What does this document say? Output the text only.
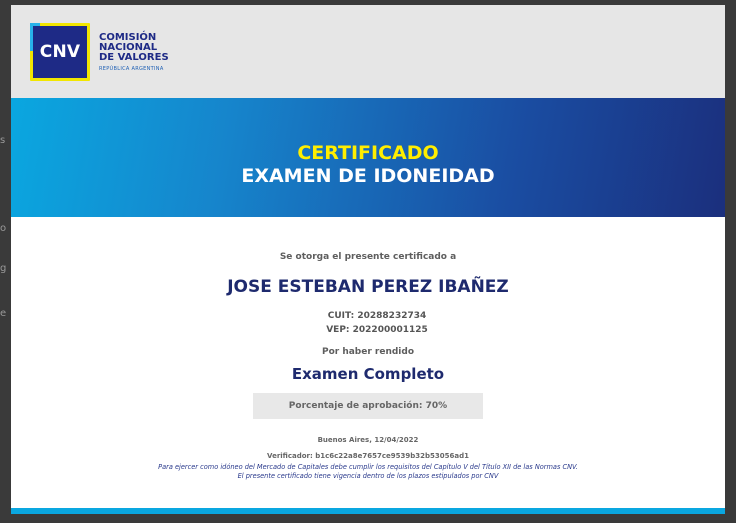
s
o
g
e
CNV
COMISIÓN
NACIONAL
DE VALORES
REPÚBLICA ARGENTINA
CERTIFICADO
EXAMEN DE IDONEIDAD
Se otorga el presente certificado a
JOSE ESTEBAN PEREZ IBAÑEZ
CUIT: 20288232734
VEP: 202200001125
Por haber rendido
Examen Completo
Porcentaje de aprobación: 70%
Buenos Aires, 12/04/2022
Verificador: b1c6c22a8e7657ce9539b32b53056ad1
Para ejercer como idóneo del Mercado de Capitales debe cumplir los requisitos del Capítulo V del Título XII de las Normas CNV.
El presente certificado tiene vigencia dentro de los plazos estipulados por CNV
